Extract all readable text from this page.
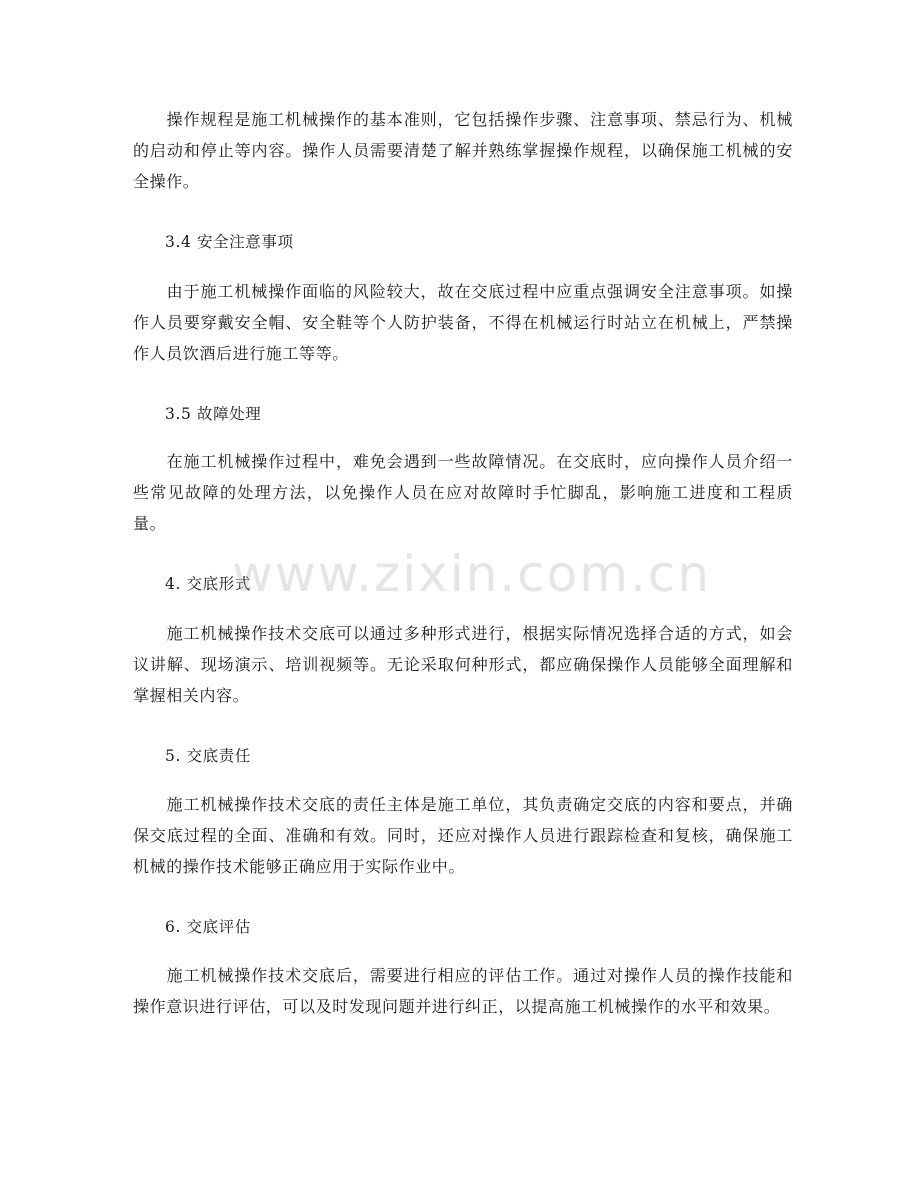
操作规程是施工机械操作的基本准则，它包括操作步骤、注意事项、禁忌行为、机械的启动和停止等内容。操作人员需要清楚了解并熟练掌握操作规程，以确保施工机械的安全操作。
3.4 安全注意事项
由于施工机械操作面临的风险较大，故在交底过程中应重点强调安全注意事项。如操作人员要穿戴安全帽、安全鞋等个人防护装备，不得在机械运行时站立在机械上，严禁操作人员饮酒后进行施工等等。
3.5 故障处理
在施工机械操作过程中，难免会遇到一些故障情况。在交底时，应向操作人员介绍一些常见故障的处理方法，以免操作人员在应对故障时手忙脚乱，影响施工进度和工程质量。
4. 交底形式
施工机械操作技术交底可以通过多种形式进行，根据实际情况选择合适的方式，如会议讲解、现场演示、培训视频等。无论采取何种形式，都应确保操作人员能够全面理解和掌握相关内容。
5. 交底责任
施工机械操作技术交底的责任主体是施工单位，其负责确定交底的内容和要点，并确保交底过程的全面、准确和有效。同时，还应对操作人员进行跟踪检查和复核，确保施工机械的操作技术能够正确应用于实际作业中。
6. 交底评估
施工机械操作技术交底后，需要进行相应的评估工作。通过对操作人员的操作技能和操作意识进行评估，可以及时发现问题并进行纠正，以提高施工机械操作的水平和效果。
www.zixin.com.cn
